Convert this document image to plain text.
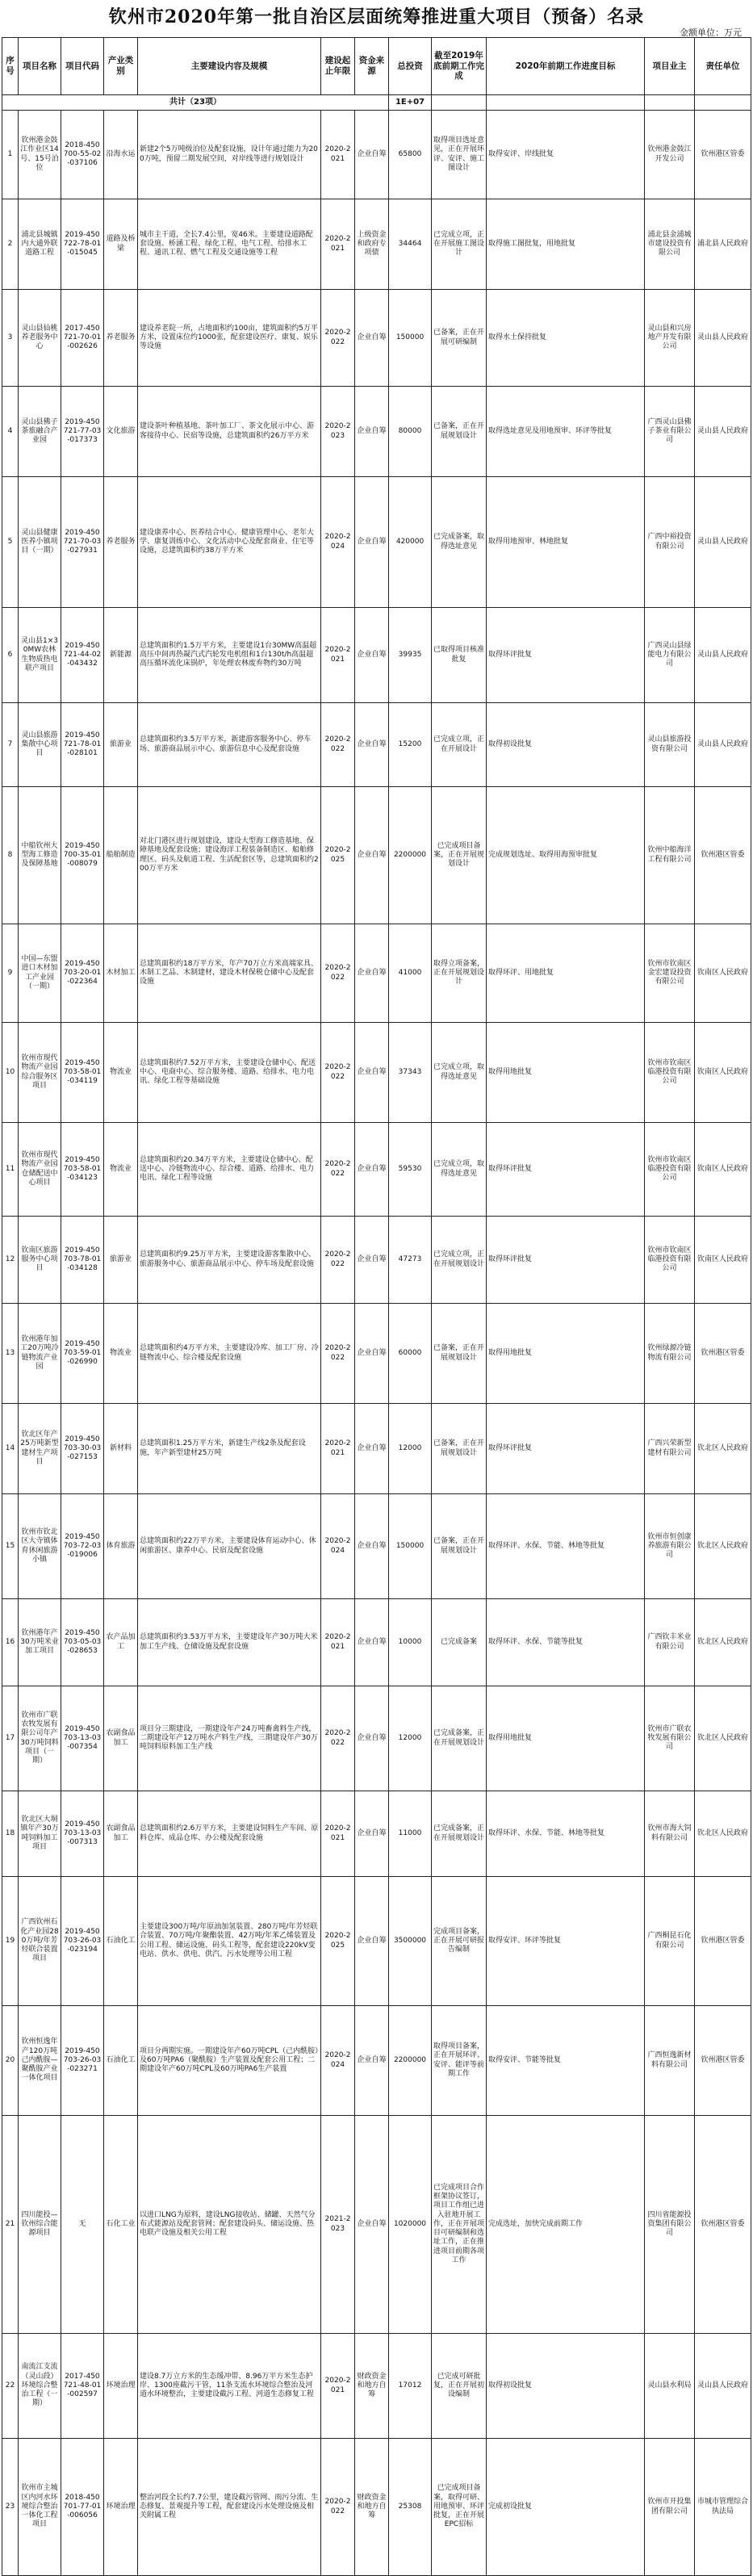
钦州市2020年第一批自治区层面统筹推进重大项目（预备）名录
金额单位：万元
序号	项目名称	项目代码	产业类别	主要建设内容及规模	建设起止年限	资金来源	总投资	截至2019年底前期工作完成	2020年前期工作进度目标	项目业主	责任单位
共计（23项）							1E+07				
1	钦州港金鼓江作业区14号、15号泊位	2018-450700-55-02-037106	沿海水运	新建2个5万吨级泊位及配套设施，设计年通过能力为200万吨，预留二期发展空间，对岸线等进行规划设计	2020-2021	企业自筹	65800	取得项目选址意见，正在开展环评、安评、施工图设计	取得安评、岸线批复	钦州港金鼓江开发公司	钦州港区管委
2	浦北县城镇内大通外联道路工程	2019-450722-78-01-015045	道路及桥梁	城市主干道，全长7.4公里，宽46米。主要建设道路配套设施、桥涵工程、绿化工程、电气工程、给排水工程、通讯工程、燃气工程及交通设施等工程	2020-2021	上级资金和政府专项债	34464	已完成立项，正在开展施工图设计	取得施工图批复，用地批复	浦北县金浦城市建设投资有限公司	浦北县人民政府
3	灵山县仙桃养老服务中心	2017-450721-70-01-002626	养老服务	建设养老院一所，占地面积约100亩，建筑面积约5万平方米，设置床位约1000张，配套建设医疗、康复、娱乐等设施	2020-2022	企业自筹	150000	已备案，正在开展可研编制	取得水土保持批复	灵山县和兴房地产开发有限公司	灵山县人民政府
4	灵山县佛子茶旅融合产业园	2019-450721-77-03-017373	文化旅游	建设茶叶种植基地、茶叶加工厂、茶文化展示中心、游客接待中心、民宿等设施，总建筑面积约26万平方米	2020-2023	企业自筹	80000	已备案，正在开展规划设计	取得选址意见及用地预审、环评等批复	广西灵山县佛子茶业有限公司	灵山县人民政府
5	灵山县健康医养小镇项目（一期）	2019-450721-70-03-027931	养老服务	建设康养中心、医养结合中心、健康管理中心、老年大学、康复训练中心、文化活动中心及配套商业、住宅等设施，总建筑面积约38万平方米	2020-2024	企业自筹	420000	已完成备案，取得选址意见	取得用地预审、林地批复	广西中裕投资有限公司	灵山县人民政府
6	灵山县1×30MW农林生物质热电联产项目	2019-450721-44-02-043432	新能源	总建筑面积约1.5万平方米，主要建设1台30MW高温超高压中间再热凝汽式汽轮发电机组和1台130t/h高温超高压循环流化床锅炉，年处理农林废弃物约30万吨	2020-2021	企业自筹	39935	已取得项目核准批复	取得环评批复	广西灵山县绿能电力有限公司	灵山县人民政府
7	灵山县旅游集散中心项目	2019-450721-78-01-028101	旅游业	总建筑面积约3.5万平方米，新建游客服务中心、停车场、旅游商品展示中心、旅游信息中心及配套设施	2020-2022	企业自筹	15200	已完成立项，正在开展设计	取得初设批复	灵山县旅游投资有限公司	灵山县人民政府
8	中船钦州大型海工修造及保障基地	2019-450700-35-01-008079	船舶制造	对北门港区进行规划建设，建设大型海工修造基地、保障基地及配套设施；建设海洋工程装备制造区、船舶修理区、码头及航道工程、生活配套区等，总建筑面积约200万平方米	2020-2025	企业自筹	2200000	已完成项目备案，正在开展规划设计	完成规划选址、取得用海预审批复	钦州中船海洋工程有限公司	钦州港区管委
9	中国—东盟进口木材加工产业园（一期）	2019-450703-20-01-022364	木材加工	总建筑面积约18万平方米，年产70万立方米高端家具、木制工艺品、木制建材，建设木材保税仓储中心及配套设施	2020-2022	企业自筹	41000	取得立项备案，正在开展规划设计	取得环评、用地批复	钦州市钦南区金宏建设投资有限公司	钦南区人民政府
10	钦州市现代物流产业园综合服务区项目	2019-450703-58-01-034119	物流业	总建筑面积约7.52万平方米，主要建设仓储中心、配送中心、电商中心、综合服务楼、道路、给排水、电力电讯、绿化工程等基础设施	2020-2022	企业自筹	37343	已完成立项，取得选址意见	取得用地批复	钦州市钦南区临港投资有限公司	钦南区人民政府
11	钦州市现代物流产业园仓储配送中心项目	2019-450703-58-01-034123	物流业	总建筑面积约20.34万平方米，主要建设仓储中心、配送中心、冷链物流中心、综合楼、道路、给排水、电力电讯、绿化工程等设施	2020-2022	企业自筹	59530	已完成立项，取得选址意见	取得环评批复	钦州市钦南区临港投资有限公司	钦南区人民政府
12	钦南区旅游服务中心项目	2019-450703-78-01-034128	旅游业	总建筑面积约9.25万平方米，主要建设游客集散中心、旅游服务中心、旅游商品展示中心、停车场及配套设施	2020-2022	企业自筹	47273	已完成立项，正在开展规划设计	取得环评批复	钦州市钦南区临港投资有限公司	钦南区人民政府
13	钦州港年加工20万吨冷链物流产业园	2019-450703-59-01-026990	物流业	总建筑面积约4万平方米，主要建设冷库、加工厂房、冷链物流中心、综合楼及配套设施	2020-2022	企业自筹	60000	已备案，正在开展规划设计	取得用地批复	钦州绿源冷链物流有限公司	钦州港区管委
14	钦北区年产25万吨新型建材生产项目	2019-450703-30-03-027153	新材料	总建筑面积1.25万平方米，新建生产线2条及配套设施，年产新型建材25万吨	2020-2021	企业自筹	12000	已备案，正在开展规划设计	取得环评批复	广西兴荣新型建材有限公司	钦北区人民政府
15	钦州市钦北区大寺镇体育休闲旅游小镇	2019-450703-72-03-019006	体育旅游	总建筑面积约22万平方米，主要建设体育运动中心、休闲旅游区、康养中心、民宿及配套设施	2020-2024	企业自筹	150000	已备案，正在开展规划设计	取得环评、水保、节能、林地等批复	钦州市恒创康养旅游有限公司	钦北区人民政府
16	钦州港年产30万吨米业加工项目	2019-450703-05-03-028653	农产品加工	总建筑面积约3.53万平方米，主要建设年产30万吨大米加工生产线、仓储设施及配套设施	2020-2021	企业自筹	10000	已完成备案	取得环评、水保、节能等批复	广西钦丰米业有限公司	钦北区人民政府
17	钦州市广联农牧发展有限公司年产30万吨饲料项目（一期）	2019-450703-13-03-007354	农副食品加工	项目分三期建设，一期建设年产24万吨畜禽料生产线，二期建设年产12万吨水产料生产线，三期建设年产30万吨饲料原料加工生产线	2020-2022	企业自筹	12000	已完成备案，正在开展规划设计	取得用地批复	钦州市广联农牧发展有限公司	钦北区人民政府
18	钦北区大垌镇年产30万吨饲料加工项目	2019-450703-13-03-007313	农副食品加工	总建筑面积约2.6万平方米，主要建设饲料生产车间、原料仓库、成品仓库、办公楼及配套设施	2020-2021	企业自筹	11000	已完成备案，正在开展规划设计	取得环评、水保、节能、林地等批复	钦州市海大饲料有限公司	钦北区人民政府
19	广西钦州石化产业园280万吨/年芳烃联合装置项目	2019-450703-26-03-023194	石油化工	主要建设300万吨/年原油加氢装置、280万吨/年芳烃联合装置、70万吨/年聚酯装置、42万吨/年苯乙烯装置及公用工程、储运设施、码头工程等，配套建设220kV变电站、供水、供电、供汽、污水处理等公用工程	2020-2025	企业自筹	3500000	完成项目备案，正在开展可研报告编制	取得安评、环评等批复	广西桐昆石化有限公司	钦州港区管委
20	钦州恒逸年产120万吨己内酰胺—聚酰胺产业一体化项目	2019-450703-26-03-023271	石油化工	项目分两期实施。一期建设年产60万吨CPL（己内酰胺）及60万吨PA6（聚酰胺）生产装置及配套公用工程；二期建设年产60万吨CPL及60万吨PA6生产装置	2020-2024	企业自筹	2200000	取得项目备案，正在开展环评、安评、能评等前期工作	取得安评、节能等批复	广西恒逸新材料有限公司	钦州港区管委
21	四川能投—钦州综合能源项目	无	石化工业	以进口LNG为原料，建设LNG接收站、储罐、天然气分布式能源站及配套管网；配套建设码头、储运设施、热电联产设施及相关公用工程	2021-2023	企业自筹	1020000	已完成项目合作框架协议签订，项目工作组已进入驻地开展工作，正在开展项目可研编制和选址工作，正在推进项目前期各项工作	完成选址，加快完成前期工作	四川省能源投资集团有限公司	钦州港区管委
22	南流江支流（灵山段）环境综合整治工程（一期）	2017-450721-48-01-002597	环境治理	建设8.7万立方米的生态缓冲带、8.96万平方米生态护岸、1300座截污干管，11条支流水环境综合整治及河道水环境整治，主要建设截污工程、河道生态修复工程	2020-2021	财政资金和地方自筹	17012	已完成可研批复，正在开展初设编制	取得初设批复	灵山县水利局	灵山县人民政府
23	钦州市主城区内河水环境综合整治一体化工程项目	2018-450701-77-01-006056	环境治理	整治河段全长约7.7公里，建设截污管网、雨污分流、生态修复、景观提升等工程，配套建设污水处理设施及相关附属工程	2020-2022	财政资金和地方自筹	25308	已完成项目备案，取得可研、用地预审、环评批复，正在开展EPC招标	完成初设批复	钦州市开投集团有限公司	市城市管理综合执法局
